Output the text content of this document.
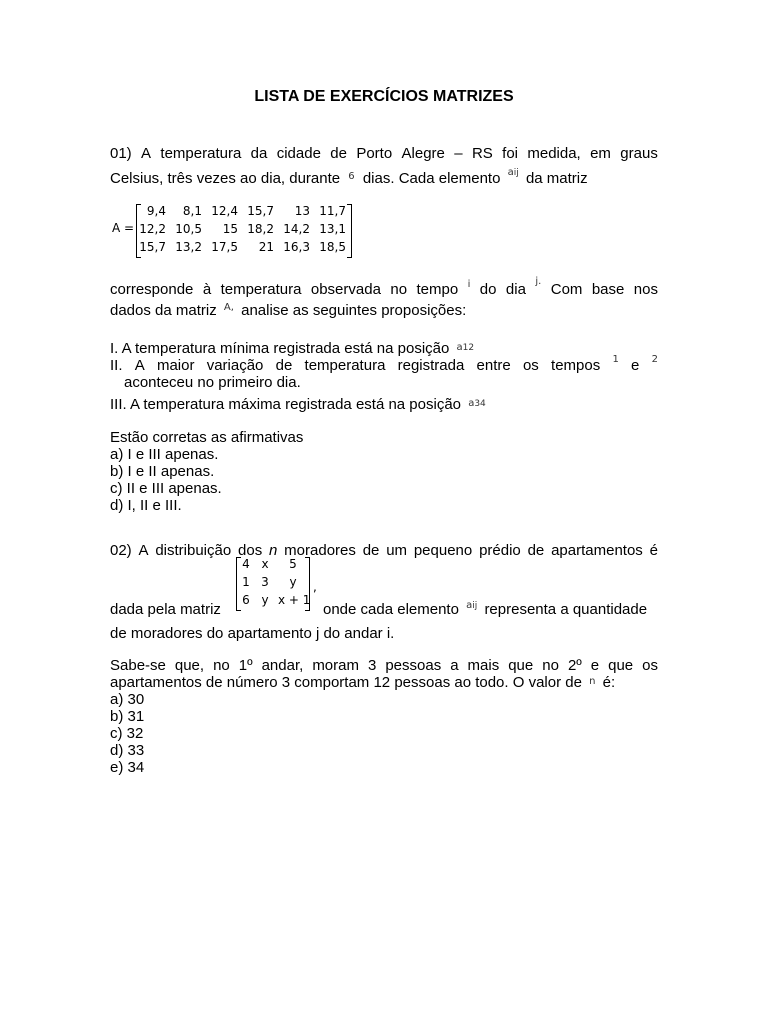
LISTA DE EXERCÍCIOS MATRIZES
01) A temperatura da cidade de Porto Alegre – RS foi medida, em graus
Celsius, três vezes ao dia, durante $^6$ dias. Cada elemento $^{aij}$ da matriz
A =
9,4	8,1 12,4 15,7	13 11,7
12,2 10,5	15 18,2 14,2 13,1
15,7 13,2 17,5	21 16,3 18,5
corresponde à temperatura observada no tempo i do dia j. Com base nos
dados da matriz $^{A,}$ analise as seguintes proposições:
I. A temperatura mínima registrada está na posição $^{a12}$
II. A maior variação de temperatura registrada entre os tempos 1 e 2
aconteceu no primeiro dia.
III. A temperatura máxima registrada está na posição $^{a34}$
Estão corretas as afirmativas
a) I e III apenas.
b) I e II apenas.
c) II e III apenas.
d) I, II e III.
02) A distribuição dos n moradores de um pequeno prédio de apartamentos é
4 x	5
1 3	y
6 y x + 1
,
dada pela matriz	onde cada elemento $^{aij}$ representa a quantidade
de moradores do apartamento j do andar i.
Sabe-se que, no 1º andar, moram 3 pessoas a mais que no 2º e que os
apartamentos de número 3 comportam 12 pessoas ao todo. O valor de $^n$ é:
a) 30
b) 31
c) 32
d) 33
e) 34
